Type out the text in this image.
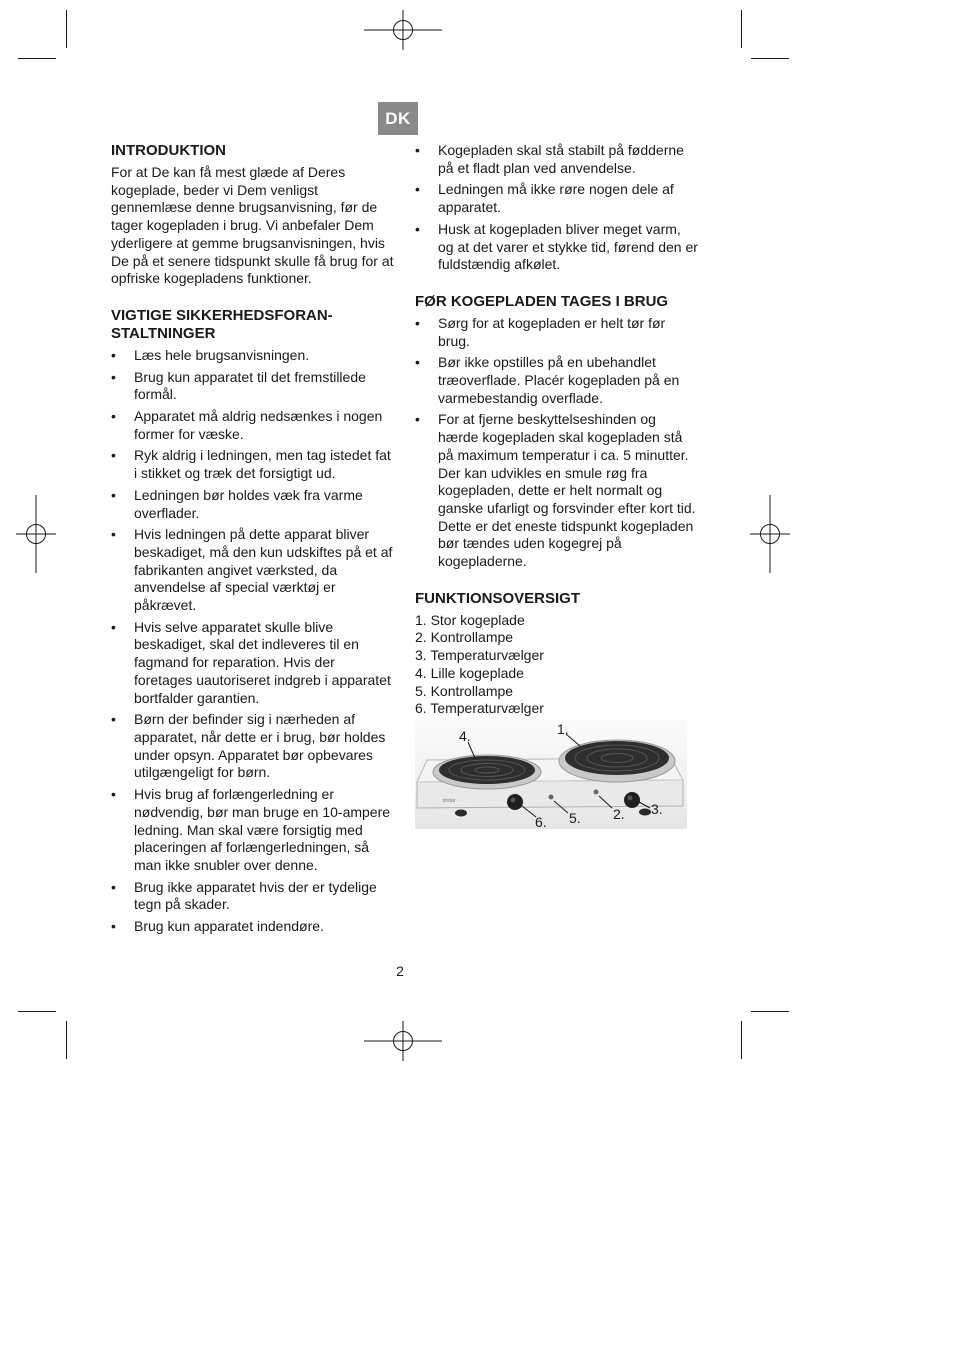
DK
INTRODUKTION

For at De kan få mest glæde af Deres kogeplade, beder vi Dem venligst gennemlæse denne brugsanvisning, før de tager kogepladen i brug. Vi anbefaler Dem yderligere at gemme brugsanvisningen, hvis De på et senere tidspunkt skulle få brug for at opfriske kogepladens funktioner.

VIGTIGE SIKKERHEDSFORAN-
STALTNINGER
• Læs hele brugsanvisningen.
• Brug kun apparatet til det fremstillede formål.
• Apparatet må aldrig nedsænkes i nogen former for væske.
• Ryk aldrig i ledningen, men tag istedet fat i stikket og træk det forsigtigt ud.
• Ledningen bør holdes væk fra varme overflader.
• Hvis ledningen på dette apparat bliver beskadiget, må den kun udskiftes på et af fabrikanten angivet værksted, da anvendelse af special værktøj er påkrævet.
• Hvis selve apparatet skulle blive beskadiget, skal det indleveres til en fagmand for reparation. Hvis der foretages uautoriseret indgreb i apparatet bortfalder garantien.
• Børn der befinder sig i nærheden af apparatet, når dette er i brug, bør holdes under opsyn. Apparatet bør opbevares utilgængeligt for børn.
• Hvis brug af forlængerledning er nødvendig, bør man bruge en 10-ampere ledning. Man skal være forsigtig med placeringen af forlængerledningen, så man ikke snubler over denne.
• Brug ikke apparatet hvis der er tydelige tegn på skader.
• Brug kun apparatet indendøre.
• Kogepladen skal stå stabilt på fødderne på et fladt plan ved anvendelse.
• Ledningen må ikke røre nogen dele af apparatet.
• Husk at kogepladen bliver meget varm, og at det varer et stykke tid, førend den er fuldstændig afkølet.
FØR KOGEPLADEN TAGES I BRUG
• Sørg for at kogepladen er helt tør før brug.
• Bør ikke opstilles på en ubehandlet træoverflade. Placér kogepladen på en varmebestandig overflade.
• For at fjerne beskyttelseshinden og hærde kogepladen skal kogepladen stå på maximum temperatur i ca. 5 minutter. Der kan udvikles en smule røg fra kogepladen, dette er helt normalt og ganske ufarligt og forsvinder efter kort tid. Dette er det eneste tidspunkt kogepladen bør tændes uden kogegrej på kogepladerne.
FUNKTIONSOVERSIGT
1. Stor kogeplade
2. Kontrollampe
3. Temperaturvælger
4. Lille kogeplade
5. Kontrollampe
6. Temperaturvælger
tristar
1.
4.
6. 5. 2. 3.
2
